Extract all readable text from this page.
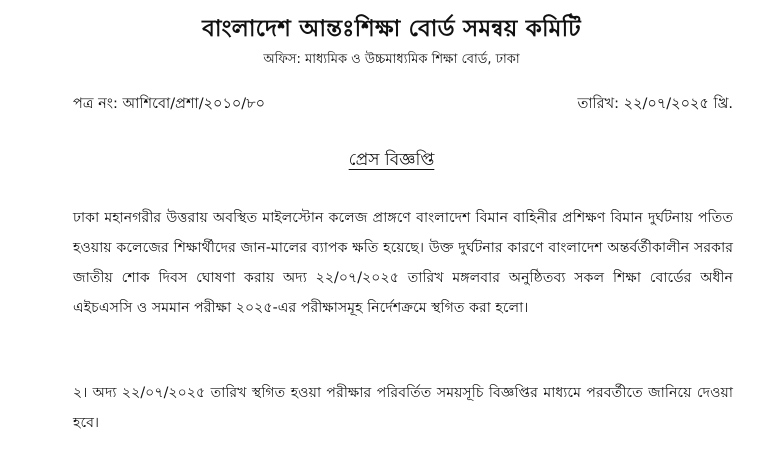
বাংলাদেশ আন্তঃশিক্ষা বোর্ড সমন্বয় কমিটি
অফিস: মাধ্যমিক ও উচ্চমাধ্যমিক শিক্ষা বোর্ড, ঢাকা
পত্র নং: আশিবো/প্রশা/২০১০/৮০	তারিখ: ২২/০৭/২০২৫ খ্রি.
প্রেস বিজ্ঞপ্তি

ঢাকা মহানগরীর উত্তরায় অবস্থিত মাইলস্টোন কলেজ প্রাঙ্গণে বাংলাদেশ বিমান বাহিনীর প্রশিক্ষণ বিমান দুর্ঘটনায় পতিত হওয়ায় কলেজের শিক্ষার্থীদের জান-মালের ব্যাপক ক্ষতি হয়েছে। উক্ত দুর্ঘটনার কারণে বাংলাদেশ অন্তর্বর্তীকালীন সরকার জাতীয় শোক দিবস ঘোষণা করায় অদ্য ২২/০৭/২০২৫ তারিখ মঙ্গলবার অনুষ্ঠিতব্য সকল শিক্ষা বোর্ডের অধীন এইচএসসি ও সমমান পরীক্ষা ২০২৫-এর পরীক্ষাসমূহ নির্দেশক্রমে স্থগিত করা হলো।

২। অদ্য ২২/০৭/২০২৫ তারিখ স্থগিত হওয়া পরীক্ষার পরিবর্তিত সময়সূচি বিজ্ঞপ্তির মাধ্যমে পরবর্তীতে জানিয়ে দেওয়া হবে।
